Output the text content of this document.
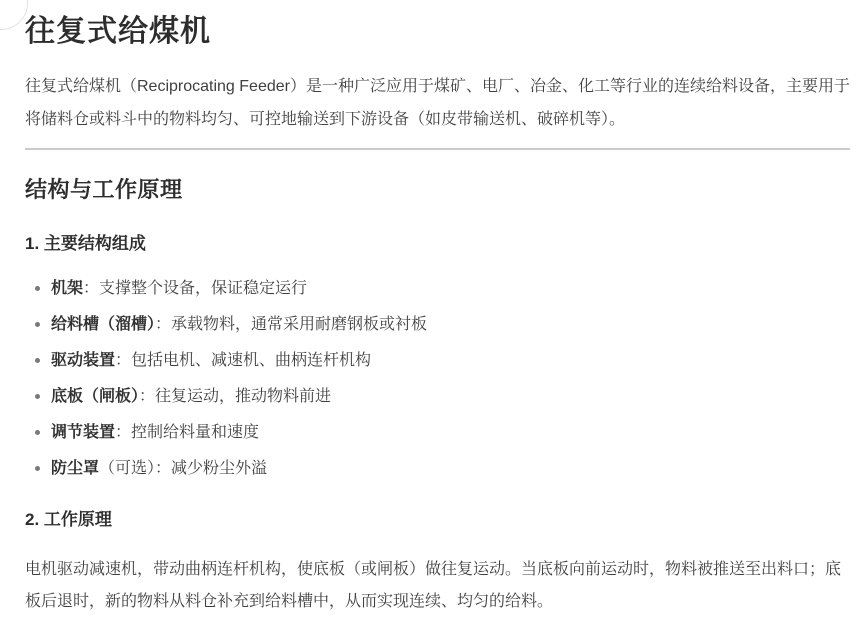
往复式给煤机

往复式给煤机（Reciprocating Feeder）是一种广泛应用于煤矿、电厂、冶金、化工等行业的连续给料设备，主要用于将储料仓或料斗中的物料均匀、可控地输送到下游设备（如皮带输送机、破碎机等）。

结构与工作原理
1. 主要结构组成
机架：支撑整个设备，保证稳定运行
给料槽（溜槽）：承载物料，通常采用耐磨钢板或衬板
驱动装置：包括电机、减速机、曲柄连杆机构
底板（闸板）：往复运动，推动物料前进
调节装置：控制给料量和速度
防尘罩（可选）：减少粉尘外溢
2. 工作原理

电机驱动减速机，带动曲柄连杆机构，使底板（或闸板）做往复运动。当底板向前运动时，物料被推送至出料口；底板后退时，新的物料从料仓补充到给料槽中，从而实现连续、均匀的给料。
